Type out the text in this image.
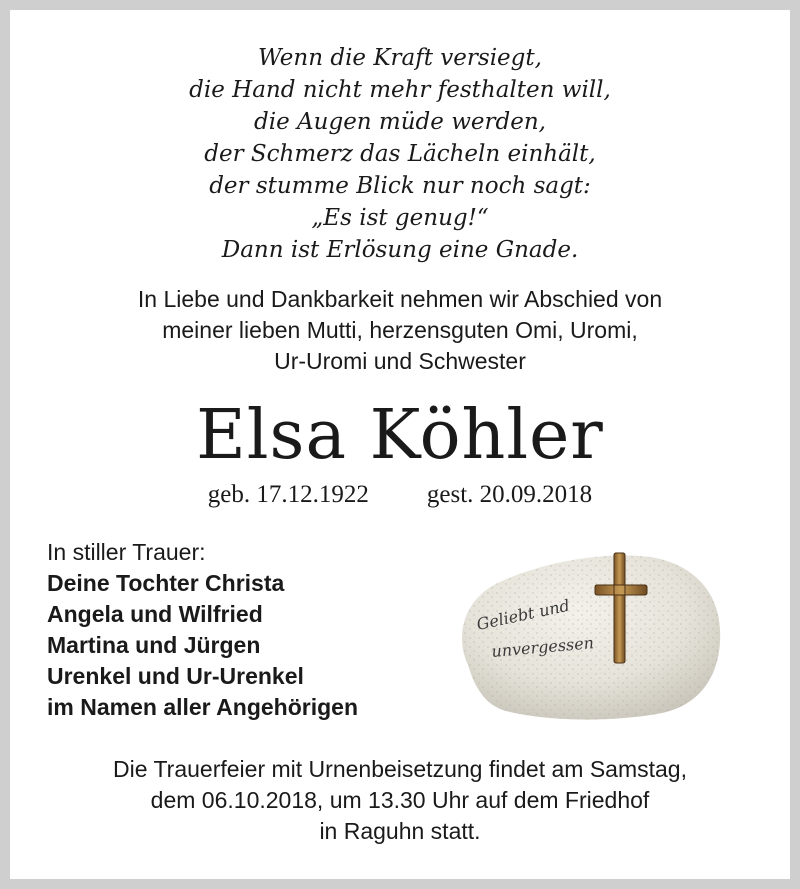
Wenn die Kraft versiegt,
die Hand nicht mehr festhalten will,
die Augen müde werden,
der Schmerz das Lächeln einhält,
der stumme Blick nur noch sagt:
„Es ist genug!“
Dann ist Erlösung eine Gnade.
In Liebe und Dankbarkeit nehmen wir Abschied von
meiner lieben Mutti, herzensguten Omi, Uromi,
Ur-Uromi und Schwester
Elsa Köhler
geb. 17.12.1922 gest. 20.09.2018
In stiller Trauer:
Deine Tochter Christa
Angela und Wilfried
Martina und Jürgen
Urenkel und Ur-Urenkel
im Namen aller Angehörigen
Geliebt und
unvergessen
Die Trauerfeier mit Urnenbeisetzung findet am Samstag,
dem 06.10.2018, um 13.30 Uhr auf dem Friedhof
in Raguhn statt.
